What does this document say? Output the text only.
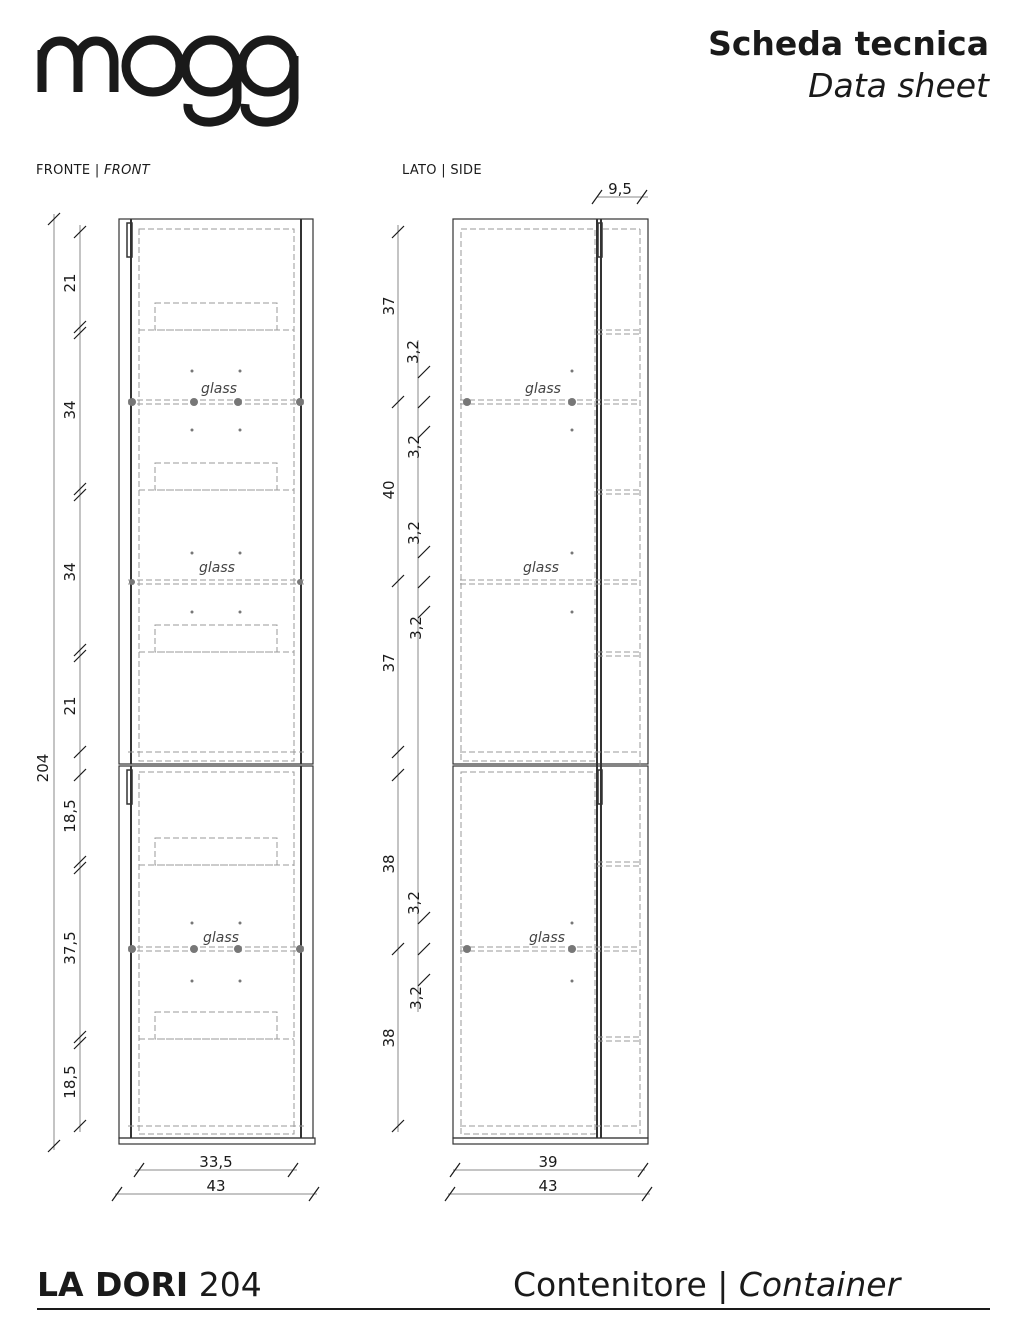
mogg
Scheda tecnica
Data sheet
FRONTE | FRONT	LATO | SIDE
glass
glass
glass
glass
glass
glass
204
21
34
34
21
18,5
37,5
18,5
33,5
43
9,5
37
40
37
38
38
3,2
3,2
3,2
3,2
3,2
3,2
39
43
LA DORI 204	Contenitore | Container
